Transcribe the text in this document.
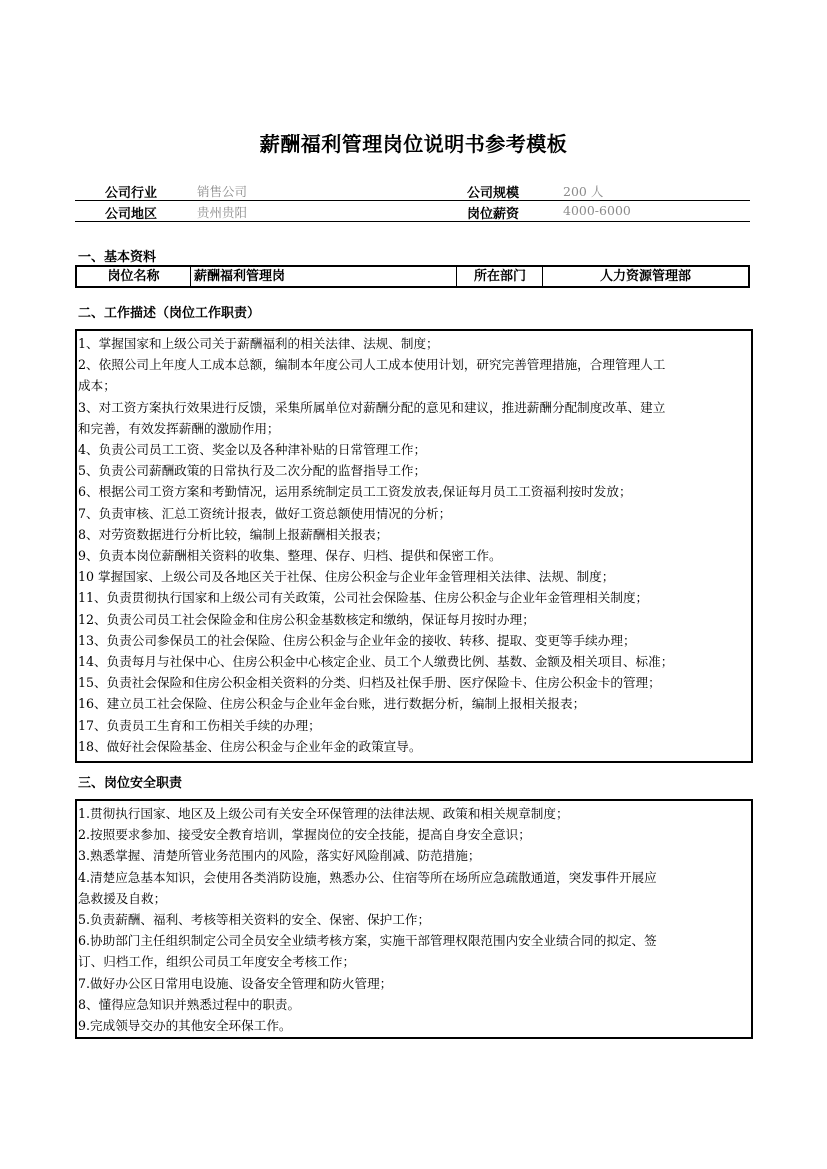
薪酬福利管理岗位说明书参考模板
公司行业	销售公司	公司规模	200 人
公司地区	贵州贵阳	岗位薪资	4000-6000
一、基本资料
岗位名称	薪酬福利管理岗	所在部门	人力资源管理部
二、工作描述（岗位工作职责）
1、掌握国家和上级公司关于薪酬福利的相关法律、法规、制度；
2、依照公司上年度人工成本总额，编制本年度公司人工成本使用计划，研究完善管理措施，合理管理人工
成本；
3、对工资方案执行效果进行反馈，采集所属单位对薪酬分配的意见和建议，推进薪酬分配制度改革、建立
和完善，有效发挥薪酬的激励作用；
4、负责公司员工工资、奖金以及各种津补贴的日常管理工作；
5、负责公司薪酬政策的日常执行及二次分配的监督指导工作；
6、根据公司工资方案和考勤情况，运用系统制定员工工资发放表,保证每月员工工资福利按时发放；
7、负责审核、汇总工资统计报表，做好工资总额使用情况的分析；
8、对劳资数据进行分析比较，编制上报薪酬相关报表；
9、负责本岗位薪酬相关资料的收集、整理、保存、归档、提供和保密工作。
10 掌握国家、上级公司及各地区关于社保、住房公积金与企业年金管理相关法律、法规、制度；
11、负责贯彻执行国家和上级公司有关政策，公司社会保险基、住房公积金与企业年金管理相关制度；
12、负责公司员工社会保险金和住房公积金基数核定和缴纳，保证每月按时办理；
13、负责公司参保员工的社会保险、住房公积金与企业年金的接收、转移、提取、变更等手续办理；
14、负责每月与社保中心、住房公积金中心核定企业、员工个人缴费比例、基数、金额及相关项目、标准；
15、负责社会保险和住房公积金相关资料的分类、归档及社保手册、医疗保险卡、住房公积金卡的管理；
16、建立员工社会保险、住房公积金与企业年金台账，进行数据分析，编制上报相关报表；
17、负责员工生育和工伤相关手续的办理；
18、做好社会保险基金、住房公积金与企业年金的政策宣导。
三、岗位安全职责
1.贯彻执行国家、地区及上级公司有关安全环保管理的法律法规、政策和相关规章制度；
2.按照要求参加、接受安全教育培训，掌握岗位的安全技能，提高自身安全意识；
3.熟悉掌握、清楚所管业务范围内的风险，落实好风险削减、防范措施；
4.清楚应急基本知识，会使用各类消防设施，熟悉办公、住宿等所在场所应急疏散通道，突发事件开展应
急救援及自救；
5.负责薪酬、福利、考核等相关资料的安全、保密、保护工作；
6.协助部门主任组织制定公司全员安全业绩考核方案，实施干部管理权限范围内安全业绩合同的拟定、签
订、归档工作，组织公司员工年度安全考核工作；
7.做好办公区日常用电设施、设备安全管理和防火管理；
8、懂得应急知识并熟悉过程中的职责。
9.完成领导交办的其他安全环保工作。
